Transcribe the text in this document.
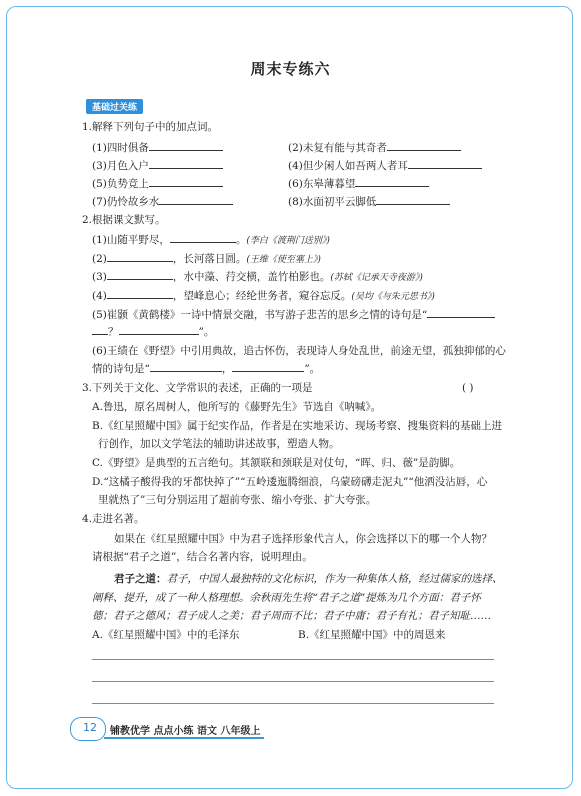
周末专练六
基础过关练
1.解释下列句子中的加点词。
(1)四时俱备	(2)未复有能与其奇者
(3)月色入户	(4)但少闲人如吾两人者耳
(5)负势竞上	(6)东皋薄暮望
(7)仍怜故乡水	(8)水面初平云脚低
2.根据课文默写。
(1)山随平野尽，	。(李白《渡荆门送别》)
(2)	，长河落日圆。(王维《使至塞上》)
(3)	，水中藻、荇交横，盖竹柏影也。(苏轼《记承天寺夜游》)
(4)	，望峰息心；经纶世务者，窥谷忘反。(吴均《与朱元思书》)
(5)崔颢《黄鹤楼》一诗中情景交融，书写游子悲苦的思乡之情的诗句是“
？	”。
(6)王绩在《野望》中引用典故，追古怀伤，表现诗人身处乱世，前途无望，孤独抑郁的心
情的诗句是“	，	”。
3.下列关于文化、文学常识的表述，正确的一项是	( )
A.鲁迅，原名周树人，他所写的《藤野先生》节选自《呐喊》。
B.《红星照耀中国》属于纪实作品，作者是在实地采访、现场考察、搜集资料的基础上进
行创作，加以文学笔法的辅助讲述故事，塑造人物。
C.《野望》是典型的五言绝句。其颔联和颈联是对仗句，“晖、归、薇”是韵脚。
D.“这橘子酸得我的牙都快掉了”“五岭逶迤腾细浪，乌蒙磅礴走泥丸”“他洒没沾唇，心
里就热了”三句分别运用了超前夸张、缩小夸张、扩大夸张。
4.走进名著。
如果在《红星照耀中国》中为君子选择形象代言人，你会选择以下的哪一个人物？
请根据“君子之道”，结合名著内容，说明理由。
君子之道：君子，中国人最独特的文化标识，作为一种集体人格，经过儒家的选择、
阐释、提升，成了一种人格理想。余秋雨先生将“君子之道”提炼为几个方面：君子怀
德；君子之德风；君子成人之美；君子周而不比；君子中庸；君子有礼；君子知耻……
A.《红星照耀中国》中的毛泽东	B.《红星照耀中国》中的周恩来
12 铺教优学 点点小练 语文 八年级上
